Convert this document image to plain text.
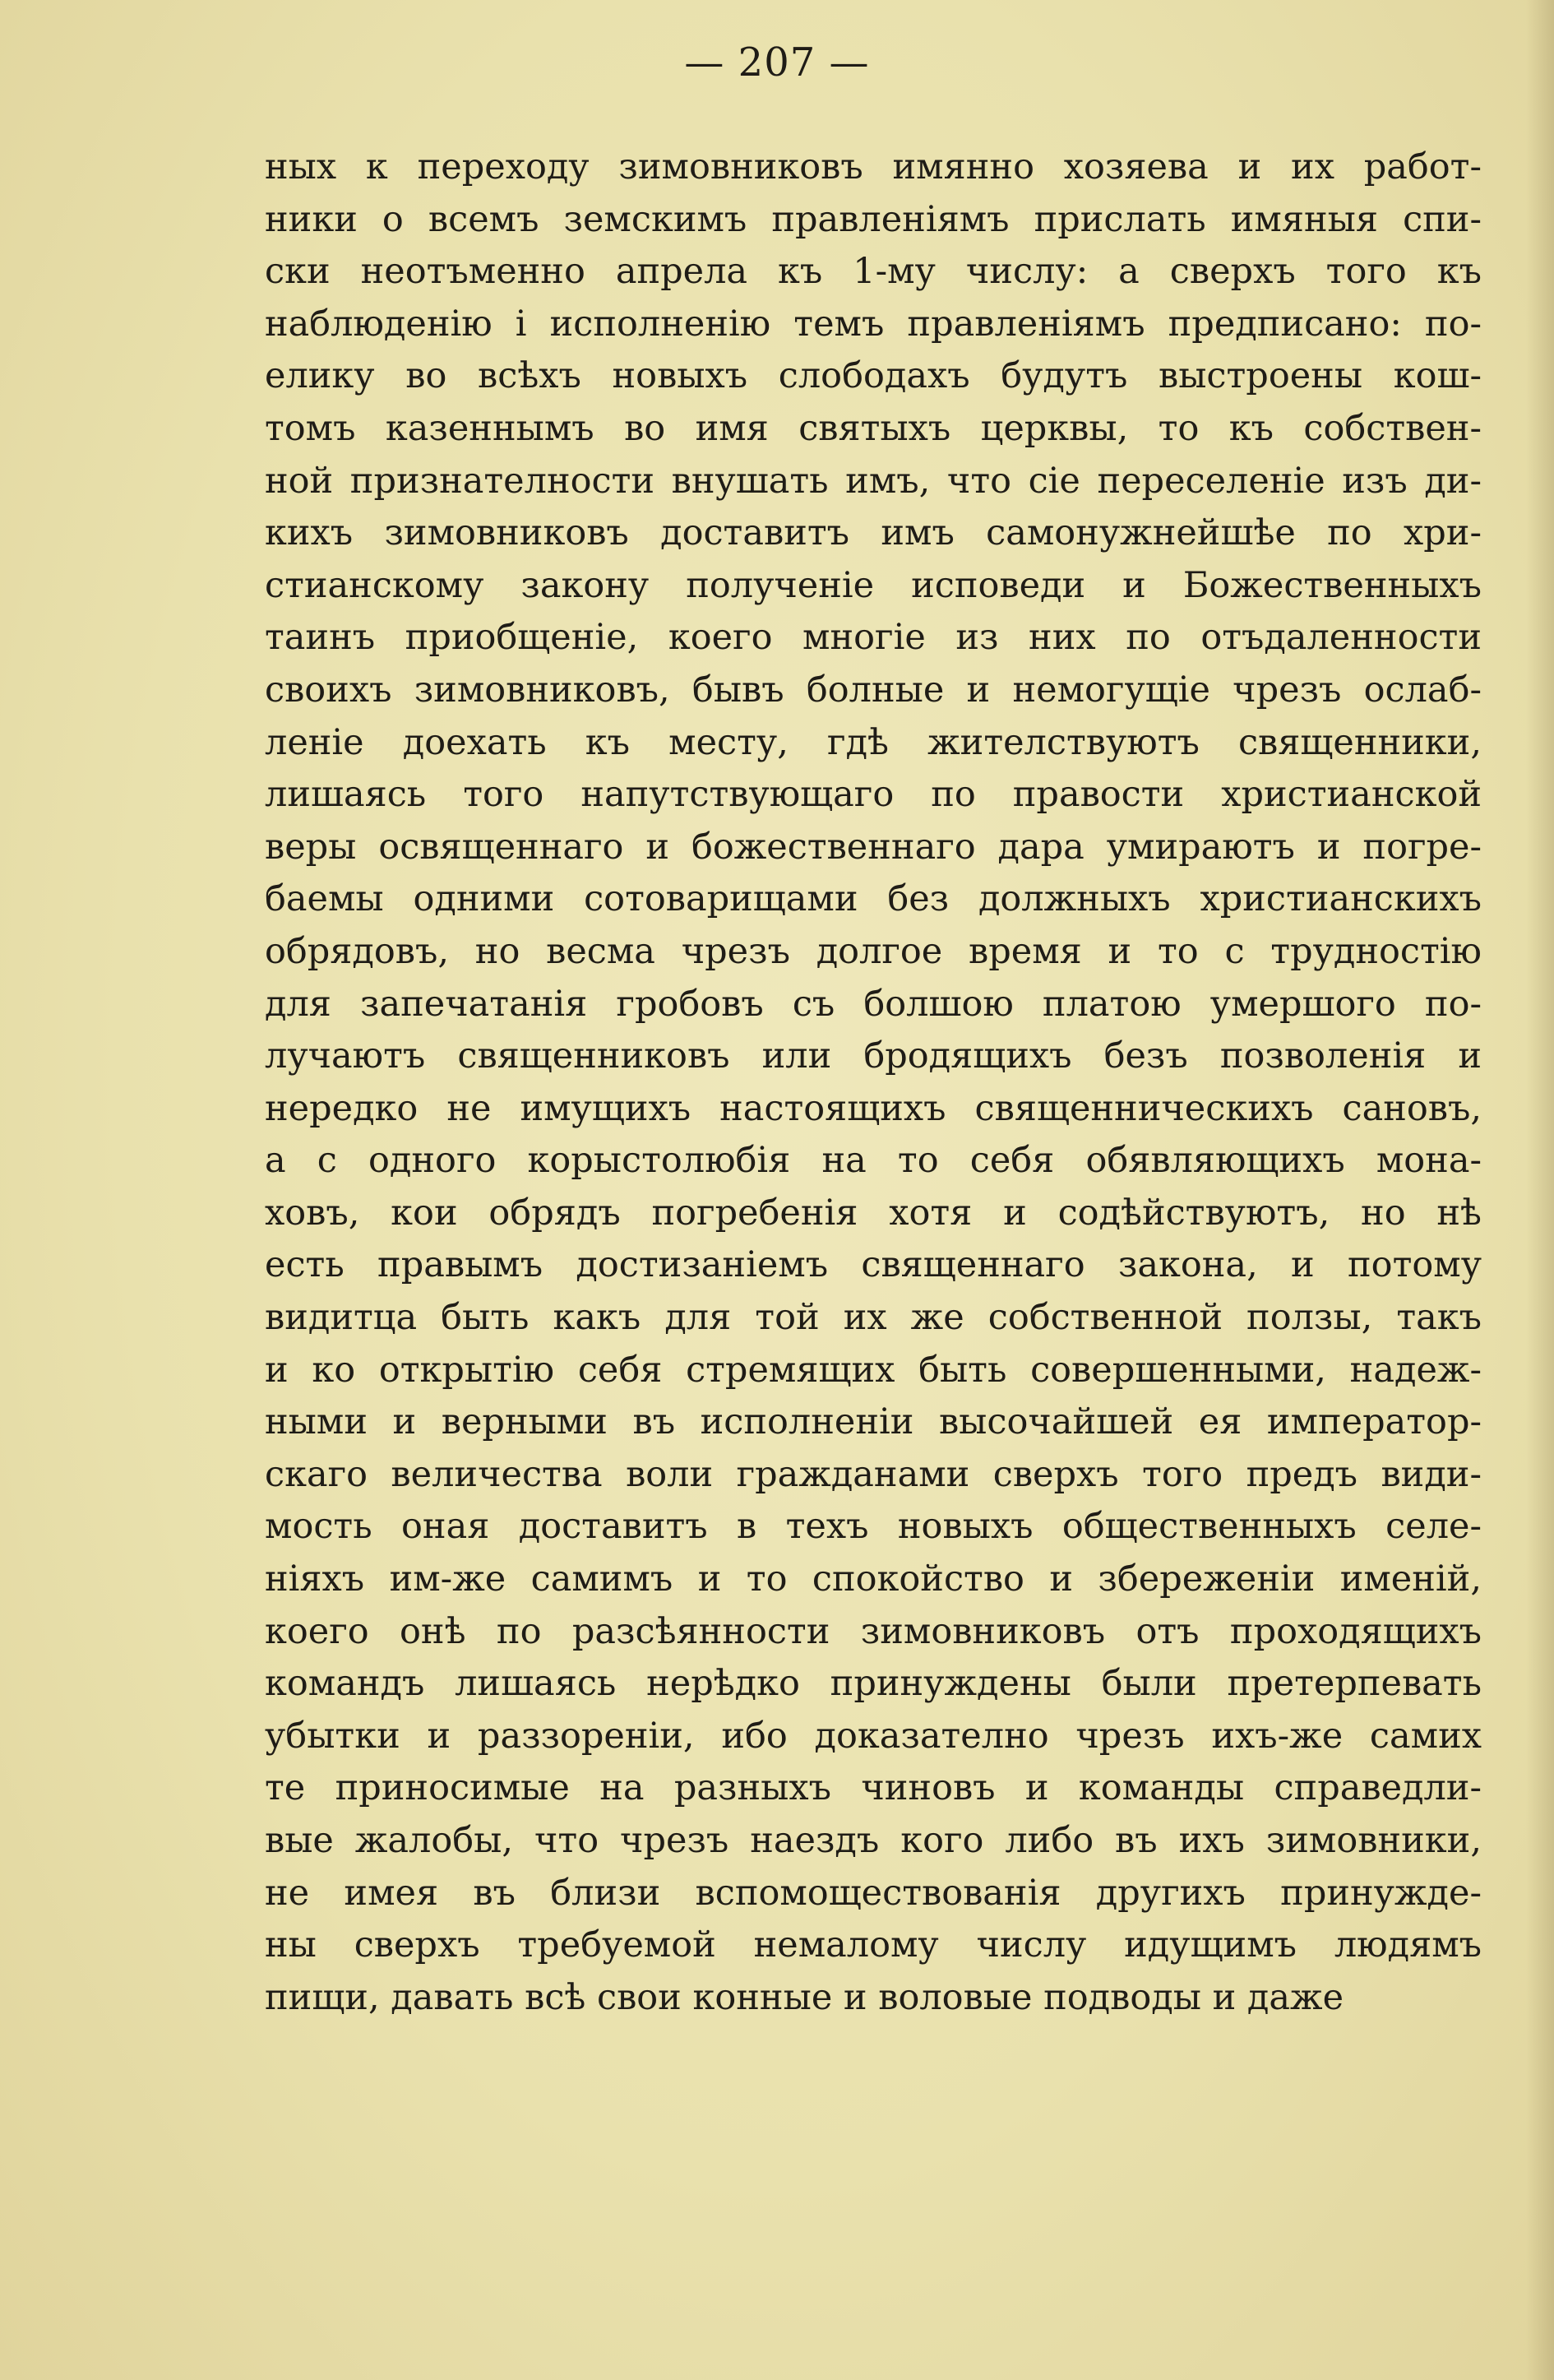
— 207 —
ных к переходу зимовниковъ имянно хозяева и их работ-
ники о всемъ земскимъ правленіямъ прислать имяныя спи-
ски неотъменно апрела къ 1-му числу: а сверхъ того къ
наблюденію і исполненію темъ правленіямъ предписано: по-
елику во всѣхъ новыхъ слободахъ будутъ выстроены кош-
томъ казеннымъ во имя святыхъ церквы, то къ собствен-
ной признателности внушать имъ, что сіе переселеніе изъ ди-
кихъ зимовниковъ доставитъ имъ самонужнейшѣе по хри-
стианскому закону полученіе исповеди и Божественныхъ
таинъ приобщеніе, коего многіе из них по отъдаленности
своихъ зимовниковъ, бывъ болные и немогущіе чрезъ ослаб-
леніе доехать къ месту, гдѣ жителствуютъ священники,
лишаясь того напутствующаго по правости христианской
веры освященнаго и божественнаго дара умираютъ и погре-
баемы одними сотоварищами без должныхъ христианскихъ
обрядовъ, но весма чрезъ долгое время и то с трудностію
для запечатанія гробовъ съ болшою платою умершого по-
лучаютъ священниковъ или бродящихъ безъ позволенія и
нередко не имущихъ настоящихъ священническихъ сановъ,
а с одного корыстолюбія на то себя обявляющихъ мона-
ховъ, кои обрядъ погребенія хотя и содѣйствуютъ, но нѣ
есть правымъ достизаніемъ священнаго закона, и потому
видитца быть какъ для той их же собственной ползы, такъ
и ко открытію себя стремящих быть совершенными, надеж-
ными и верными въ исполненіи высочайшей ея император-
скаго величества воли гражданами сверхъ того предъ види-
мость оная доставитъ в техъ новыхъ общественныхъ селе-
ніяхъ им-же самимъ и то спокойство и збереженіи именій,
коего онѣ по разсѣянности зимовниковъ отъ проходящихъ
командъ лишаясь нерѣдко принуждены были претерпевать
убытки и раззореніи, ибо доказателно чрезъ ихъ-же самих
те приносимые на разныхъ чиновъ и команды справедли-
вые жалобы, что чрезъ наездъ кого либо въ ихъ зимовники,
не имея въ близи вспомоществованія другихъ принужде-
ны сверхъ требуемой немалому числу идущимъ людямъ
пищи, давать всѣ свои конные и воловые подводы и даже
